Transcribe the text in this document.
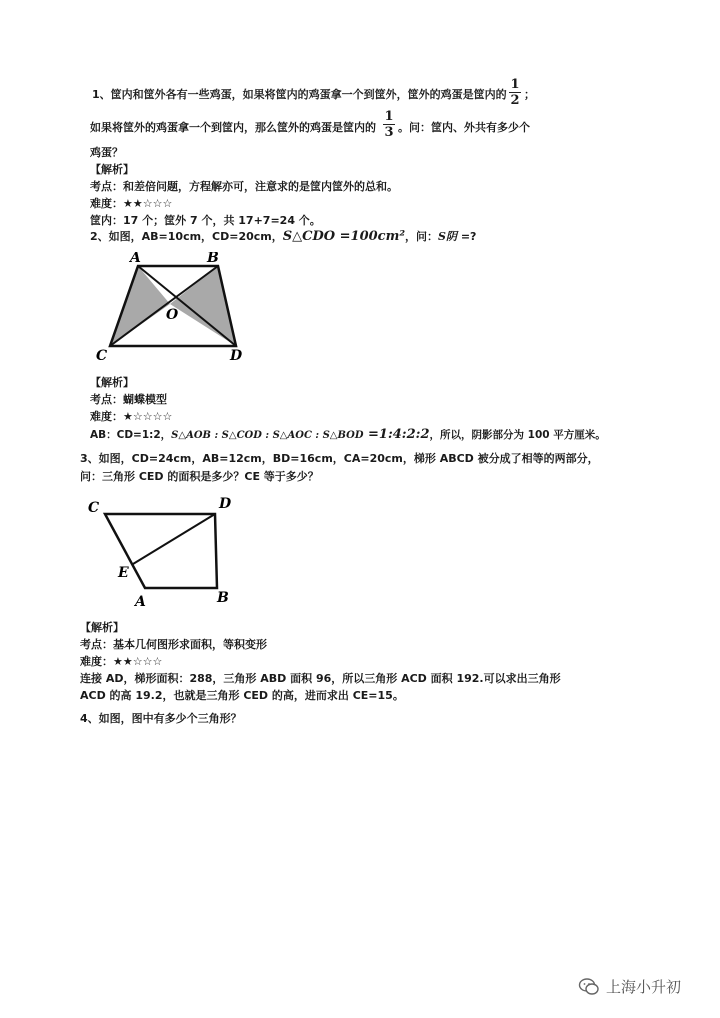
1、筐内和筐外各有一些鸡蛋，如果将筐内的鸡蛋拿一个到筐外，筐外的鸡蛋是筐内的
1
2 ；
如果将筐外的鸡蛋拿一个到筐内，那么筐外的鸡蛋是筐内的
1
3 。问：筐内、外共有多少个
鸡蛋？
【解析】
考点：和差倍问题，方程解亦可，注意求的是筐内筐外的总和。
难度：★★☆☆☆
筐内：17 个；筐外 7 个，共 17+7=24 个。
2、如图，AB=10cm，CD=20cm，S△CDO =100cm²，问：S阴 =?
A	B
O
C	D
【解析】
考点：蝴蝶模型
难度：★☆☆☆☆
AB：CD=1:2，S△AOB : S△COD : S△AOC : S△BOD =1:4:2:2，所以，阴影部分为 100 平方厘米。
3、如图，CD=24cm，AB=12cm，BD=16cm，CA=20cm，梯形 ABCD 被分成了相等的两部分，
问：三角形 CED 的面积是多少？CE 等于多少？
C	D
E
A	B
【解析】
考点：基本几何图形求面积，等积变形
难度：★★☆☆☆
连接 AD，梯形面积：288，三角形 ABD 面积 96，所以三角形 ACD 面积 192.可以求出三角形
ACD 的高 19.2，也就是三角形 CED 的高，进而求出 CE=15。
4、如图，图中有多少个三角形？
上海小升初
